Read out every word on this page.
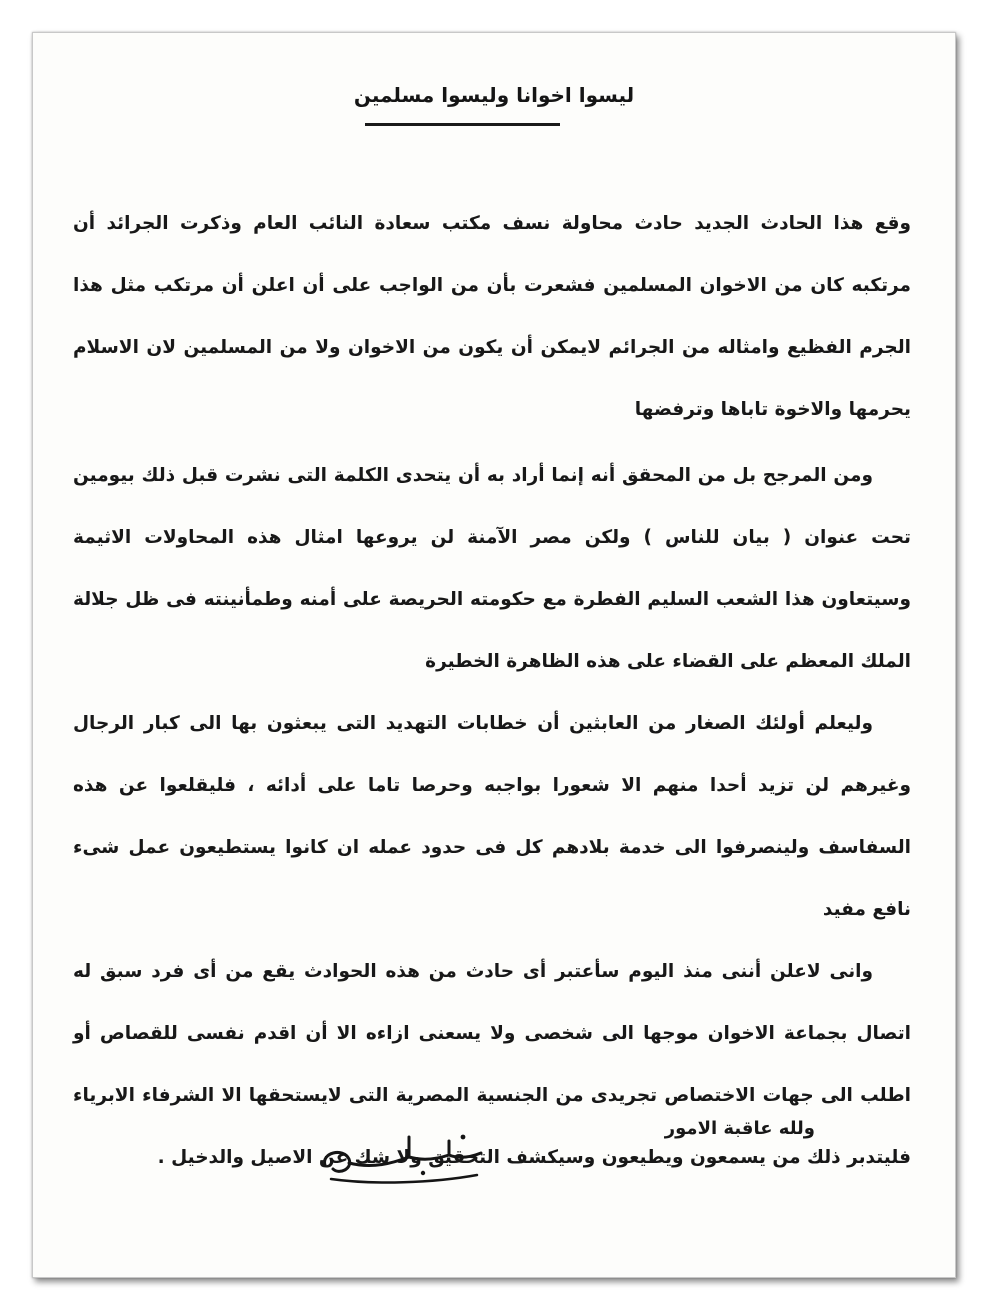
ليسوا اخوانا وليسوا مسلمين

وقع هذا الحادث الجديد حادث محاولة نسف مكتب سعادة النائب العام وذكرت الجرائد أن مرتكبه كان من الاخوان المسلمين فشعرت بأن من الواجب على أن اعلن أن مرتكب مثل هذا الجرم الفظيع وامثاله من الجرائم لايمكن أن يكون من الاخوان ولا من المسلمين لان الاسلام يحرمها والاخوة تاباها وترفضها

ومن المرجح بل من المحقق أنه إنما أراد به أن يتحدى الكلمة التى نشرت قبل ذلك بيومين تحت عنوان ( بيان للناس ) ولكن مصر الآمنة لن يروعها امثال هذه المحاولات الاثيمة وسيتعاون هذا الشعب السليم الفطرة مع حكومته الحريصة على أمنه وطمأنينته فى ظل جلالة الملك المعظم على القضاء على هذه الظاهرة الخطيرة

وليعلم أولئك الصغار من العابثين أن خطابات التهديد التى يبعثون بها الى كبار الرجال وغيرهم لن تزيد أحدا منهم الا شعورا بواجبه وحرصا تاما على أدائه ، فليقلعوا عن هذه السفاسف ولينصرفوا الى خدمة بلادهم كل فى حدود عمله ان كانوا يستطيعون عمل شىء نافع مفيد

وانى لاعلن أننى منذ اليوم سأعتبر أى حادث من هذه الحوادث يقع من أى فرد سبق له اتصال بجماعة الاخوان موجها الى شخصى ولا يسعنى ازاءه الا أن اقدم نفسى للقصاص أو اطلب الى جهات الاختصاص تجريدى من الجنسية المصرية التى لايستحقها الا الشرفاء الابرياء فليتدبر ذلك من يسمعون ويطيعون وسيكشف التحقيق ولا شك عن الاصيل والدخيل .

ولله عاقبة الامور
